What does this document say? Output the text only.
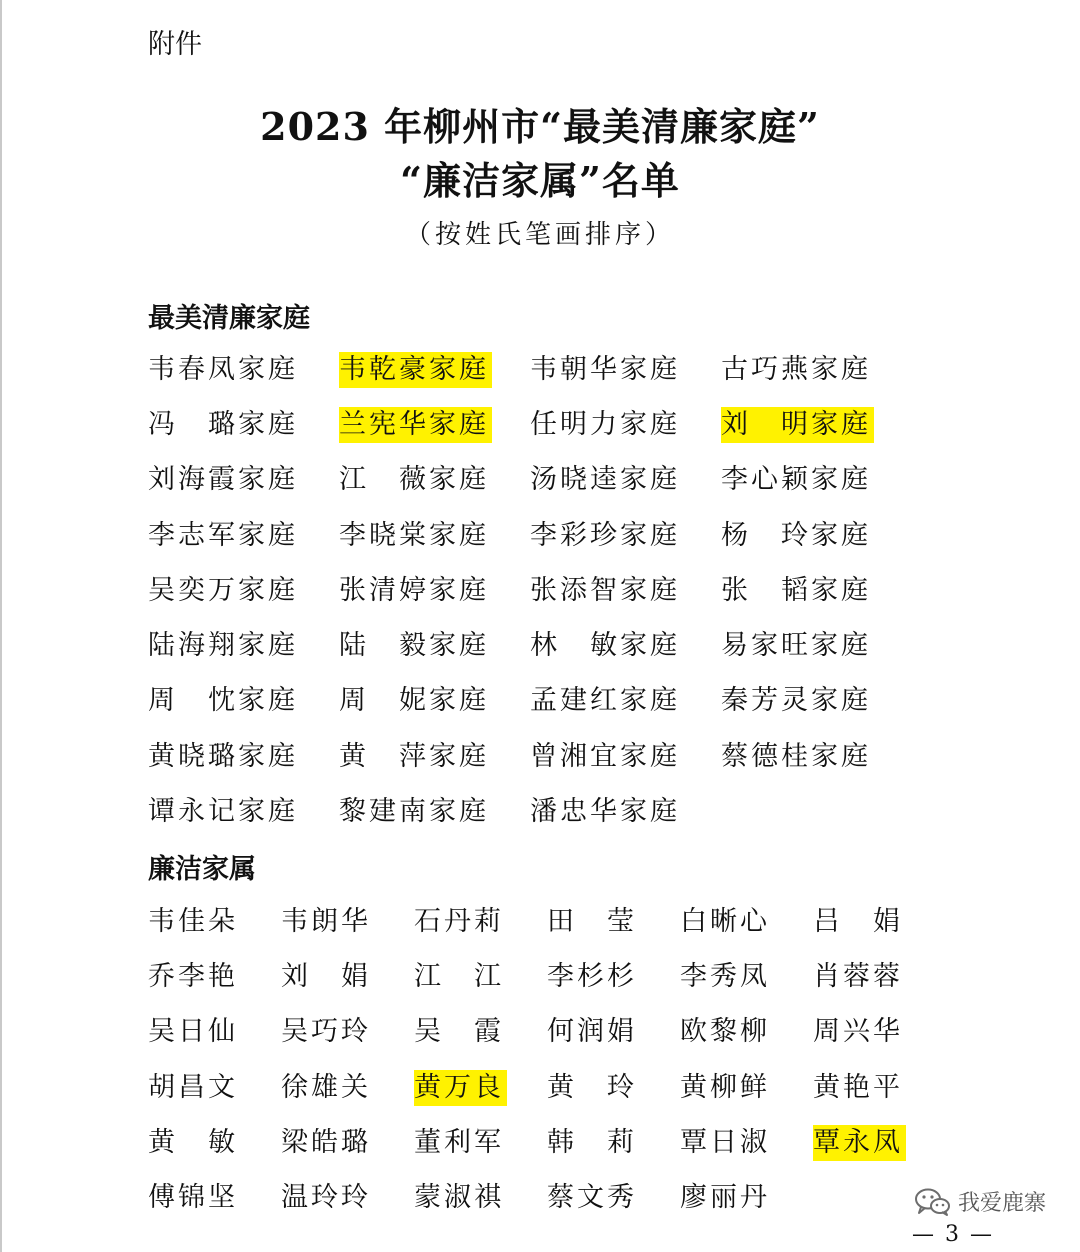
附件
2023 年柳州市“最美清廉家庭”
“廉洁家属”名单
（按姓氏笔画排序）
最美清廉家庭
韦春凤家庭 韦乾豪家庭 韦朝华家庭 古巧燕家庭
冯　璐家庭 兰宪华家庭 任明力家庭 刘　明家庭
刘海霞家庭 江　薇家庭 汤晓逵家庭 李心颖家庭
李志军家庭 李晓棠家庭 李彩珍家庭 杨　玲家庭
吴奕万家庭 张清婷家庭 张添智家庭 张　韬家庭
陆海翔家庭 陆　毅家庭 林　敏家庭 易家旺家庭
周　忱家庭 周　妮家庭 孟建红家庭 秦芳灵家庭
黄晓璐家庭 黄　萍家庭 曾湘宜家庭 蔡德桂家庭
谭永记家庭 黎建南家庭 潘忠华家庭
廉洁家属
韦佳朵 韦朗华 石丹莉 田　莹 白晰心 吕　娟
乔李艳 刘　娟 江　江 李杉杉 李秀凤 肖蓉蓉
吴日仙 吴巧玲 吴　霞 何润娟 欧黎柳 周兴华
胡昌文 徐雄关 黄万良 黄　玲 黄柳鲜 黄艳平
黄　敏 梁皓璐 董利军 韩　莉 覃日淑 覃永凤
傅锦坚 温玲玲 蒙淑祺 蔡文秀 廖丽丹	我爱鹿寨
— 3 —
